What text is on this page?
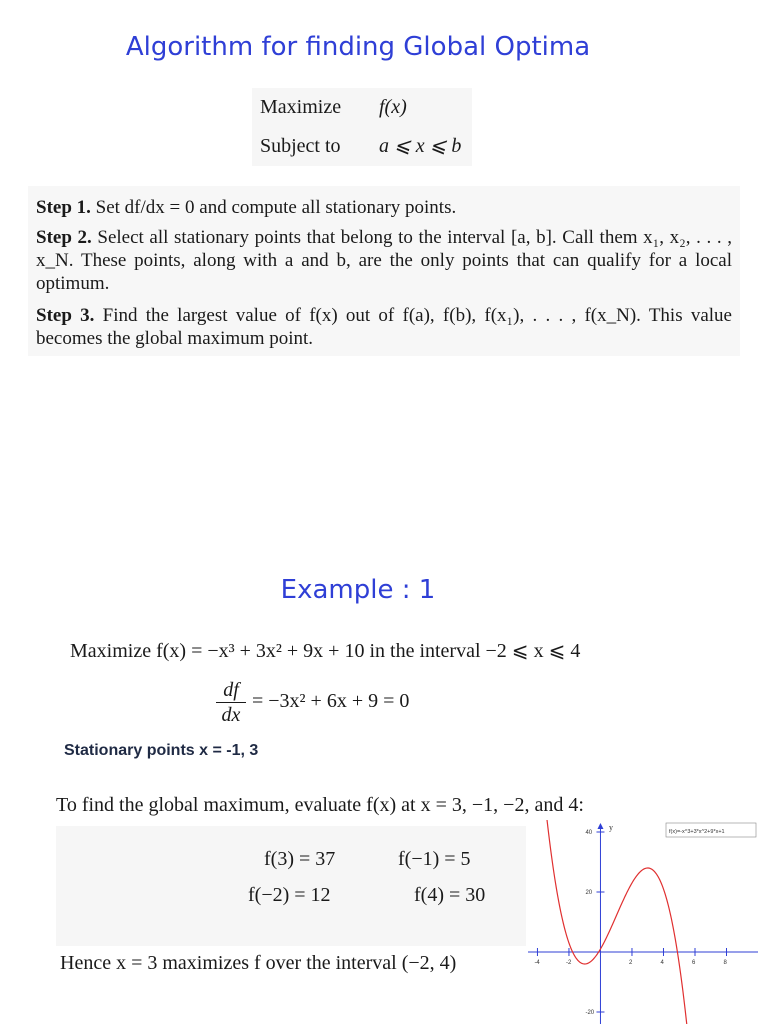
Algorithm for finding Global Optima
Maximize f(x)
Subject to a ⩽ x ⩽ b
Step 1. Set df/dx = 0 and compute all stationary points.
Step 2. Select all stationary points that belong to the interval [a, b]. Call them x₁, x₂, . . . , x_N. These points, along with a and b, are the only points that can qualify for a local optimum.
Step 3. Find the largest value of f(x) out of f(a), f(b), f(x₁), . . . , f(x_N). This value becomes the global maximum point.
Example : 1
Maximize f(x) = −x³ + 3x² + 9x + 10 in the interval −2 ⩽ x ⩽ 4
$\frac{df}{dx} = -3x^2 + 6x + 9 = 0$
Stationary points x = -1, 3
To find the global maximum, evaluate f(x) at x = 3, −1, −2, and 4:
f(3) = 37	f(−1) = 5
f(−2) = 12	f(4) = 30
Hence x = 3 maximizes f over the interval (−2, 4)	-4	-2	2	4	6	8
40
20
-20
f(x)=-x^3+3*x^2+9*x+1
y
